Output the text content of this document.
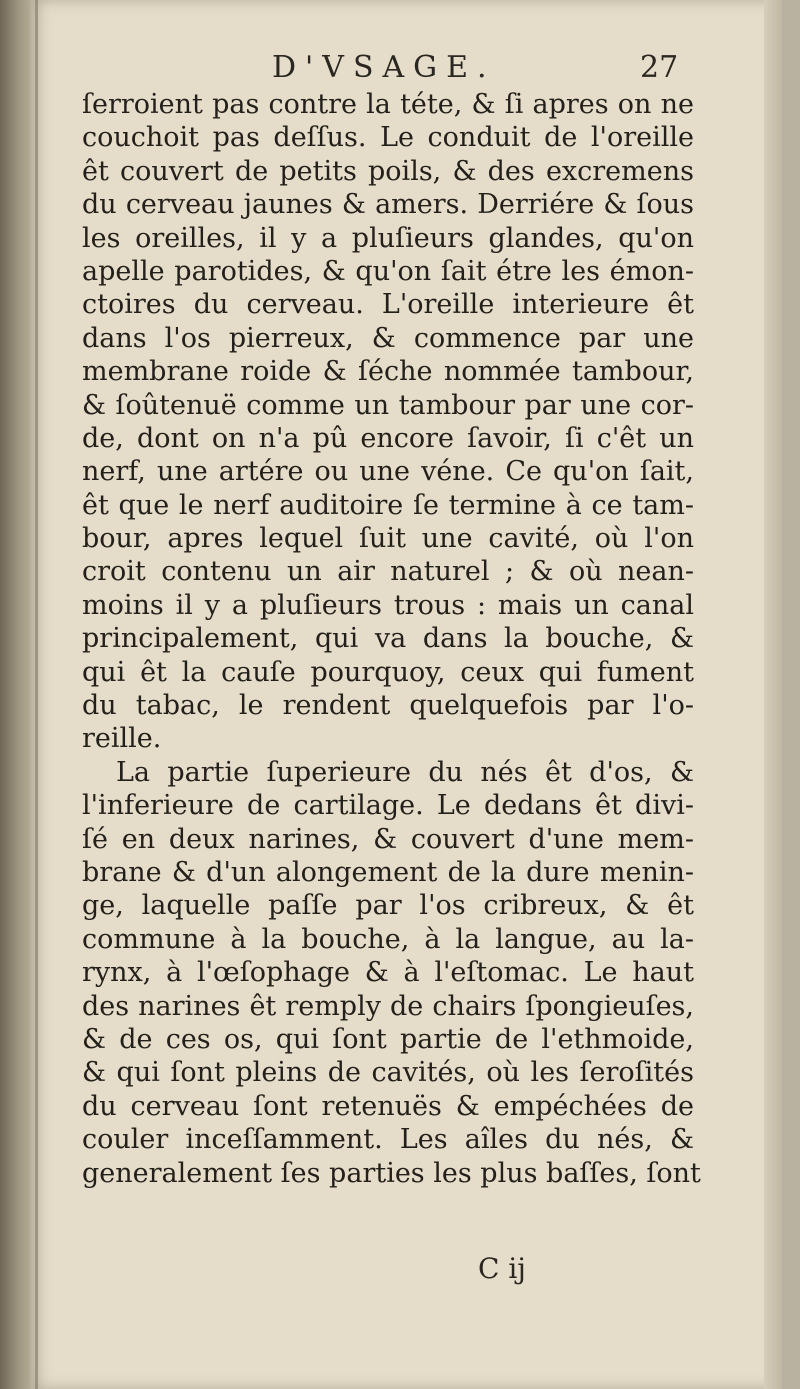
D'VSAGE.	27
ſerroient pas contre la téte, & ſi apres on ne
couchoit pas deſſus. Le conduit de l'oreille
êt couvert de petits poils, & des excremens
du cerveau jaunes & amers. Derriére & ſous
les oreilles, il y a pluſieurs glandes, qu'on
apelle parotides, & qu'on ſait étre les émon-
ctoires du cerveau. L'oreille interieure êt
dans l'os pierreux, & commence par une
membrane roide & ſéche nommée tambour,
& ſoûtenuë comme un tambour par une cor-
de, dont on n'a pû encore ſavoir, ſi c'êt un
nerf, une artére ou une véne. Ce qu'on ſait,
êt que le nerf auditoire ſe termine à ce tam-
bour, apres lequel ſuit une cavité, où l'on
croit contenu un air naturel ; & où nean-
moins il y a pluſieurs trous : mais un canal
principalement, qui va dans la bouche, &
qui êt la cauſe pourquoy, ceux qui fument
du tabac, le rendent quelquefois par l'o-
reille.
La partie ſuperieure du nés êt d'os, &
l'inferieure de cartilage. Le dedans êt divi-
ſé en deux narines, & couvert d'une mem-
brane & d'un alongement de la dure menin-
ge, laquelle paſſe par l'os cribreux, & êt
commune à la bouche, à la langue, au la-
rynx, à l'œſophage & à l'eſtomac. Le haut
des narines êt remply de chairs ſpongieuſes,
& de ces os, qui ſont partie de l'ethmoide,
& qui ſont pleins de cavités, où les ſeroſités
du cerveau ſont retenuës & empéchées de
couler inceſſamment. Les aîles du nés, &
generalement ſes parties les plus baſſes, ſont
C ij
